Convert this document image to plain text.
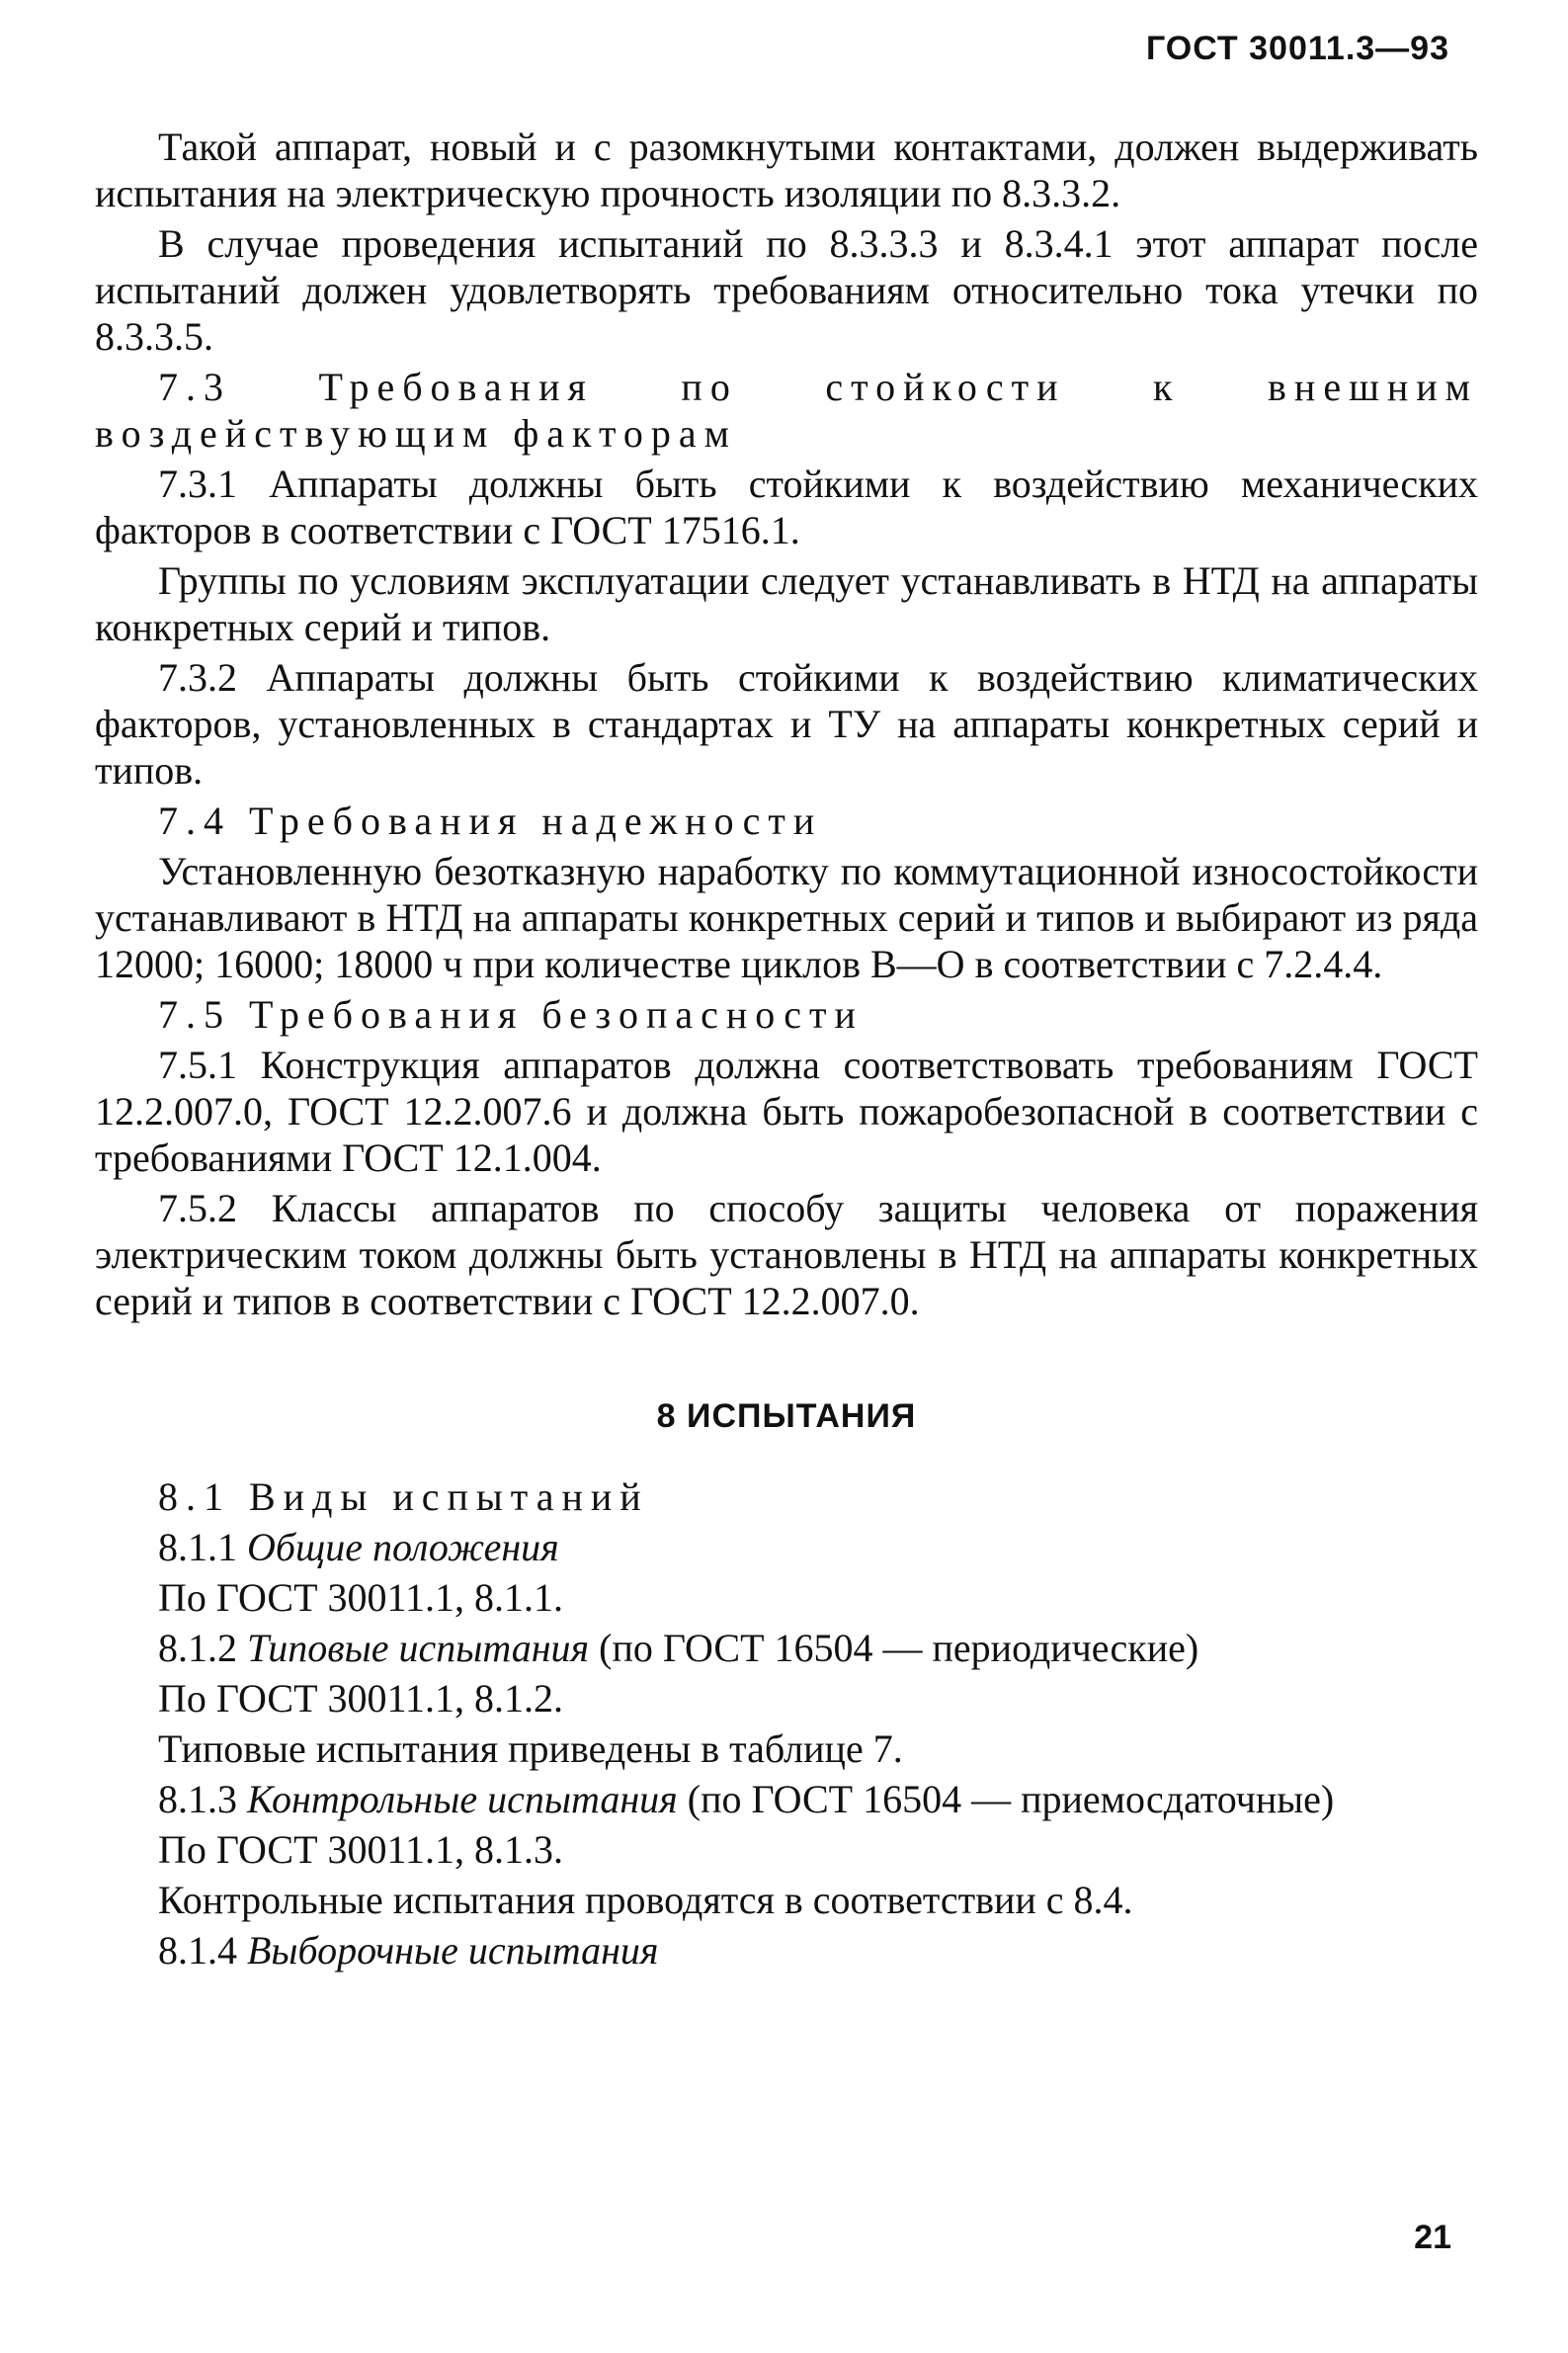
ГОСТ 30011.3—93

Такой аппарат, новый и с разомкнутыми контактами, должен выдерживать испытания на электрическую прочность изоляции по 8.3.3.2.

В случае проведения испытаний по 8.3.3.3 и 8.3.4.1 этот аппарат после испытаний должен удовлетворять требованиям относительно тока утечки по 8.3.3.5.

7.3 Требования по стойкости к внешним воздействующим факторам

7.3.1 Аппараты должны быть стойкими к воздействию механических факторов в соответствии с ГОСТ 17516.1.

Группы по условиям эксплуатации следует устанавливать в НТД на аппараты конкретных серий и типов.

7.3.2 Аппараты должны быть стойкими к воздействию климатических факторов, установленных в стандартах и ТУ на аппараты конкретных серий и типов.

7.4 Требования надежности

Установленную безотказную наработку по коммутационной износостойкости устанавливают в НТД на аппараты конкретных серий и типов и выбирают из ряда 12000; 16000; 18000 ч при количестве циклов В—О в соответствии с 7.2.4.4.

7.5 Требования безопасности

7.5.1 Конструкция аппаратов должна соответствовать требованиям ГОСТ 12.2.007.0, ГОСТ 12.2.007.6 и должна быть пожаробезопасной в соответствии с требованиями ГОСТ 12.1.004.

7.5.2 Классы аппаратов по способу защиты человека от поражения электрическим током должны быть установлены в НТД на аппараты конкретных серий и типов в соответствии с ГОСТ 12.2.007.0.

8 ИСПЫТАНИЯ

8.1 Виды испытаний

8.1.1 Общие положения

По ГОСТ 30011.1, 8.1.1.

8.1.2 Типовые испытания (по ГОСТ 16504 — периодические)

По ГОСТ 30011.1, 8.1.2.

Типовые испытания приведены в таблице 7.

8.1.3 Контрольные испытания (по ГОСТ 16504 — приемосдаточные)

По ГОСТ 30011.1, 8.1.3.

Контрольные испытания проводятся в соответствии с 8.4.

8.1.4 Выборочные испытания

21
